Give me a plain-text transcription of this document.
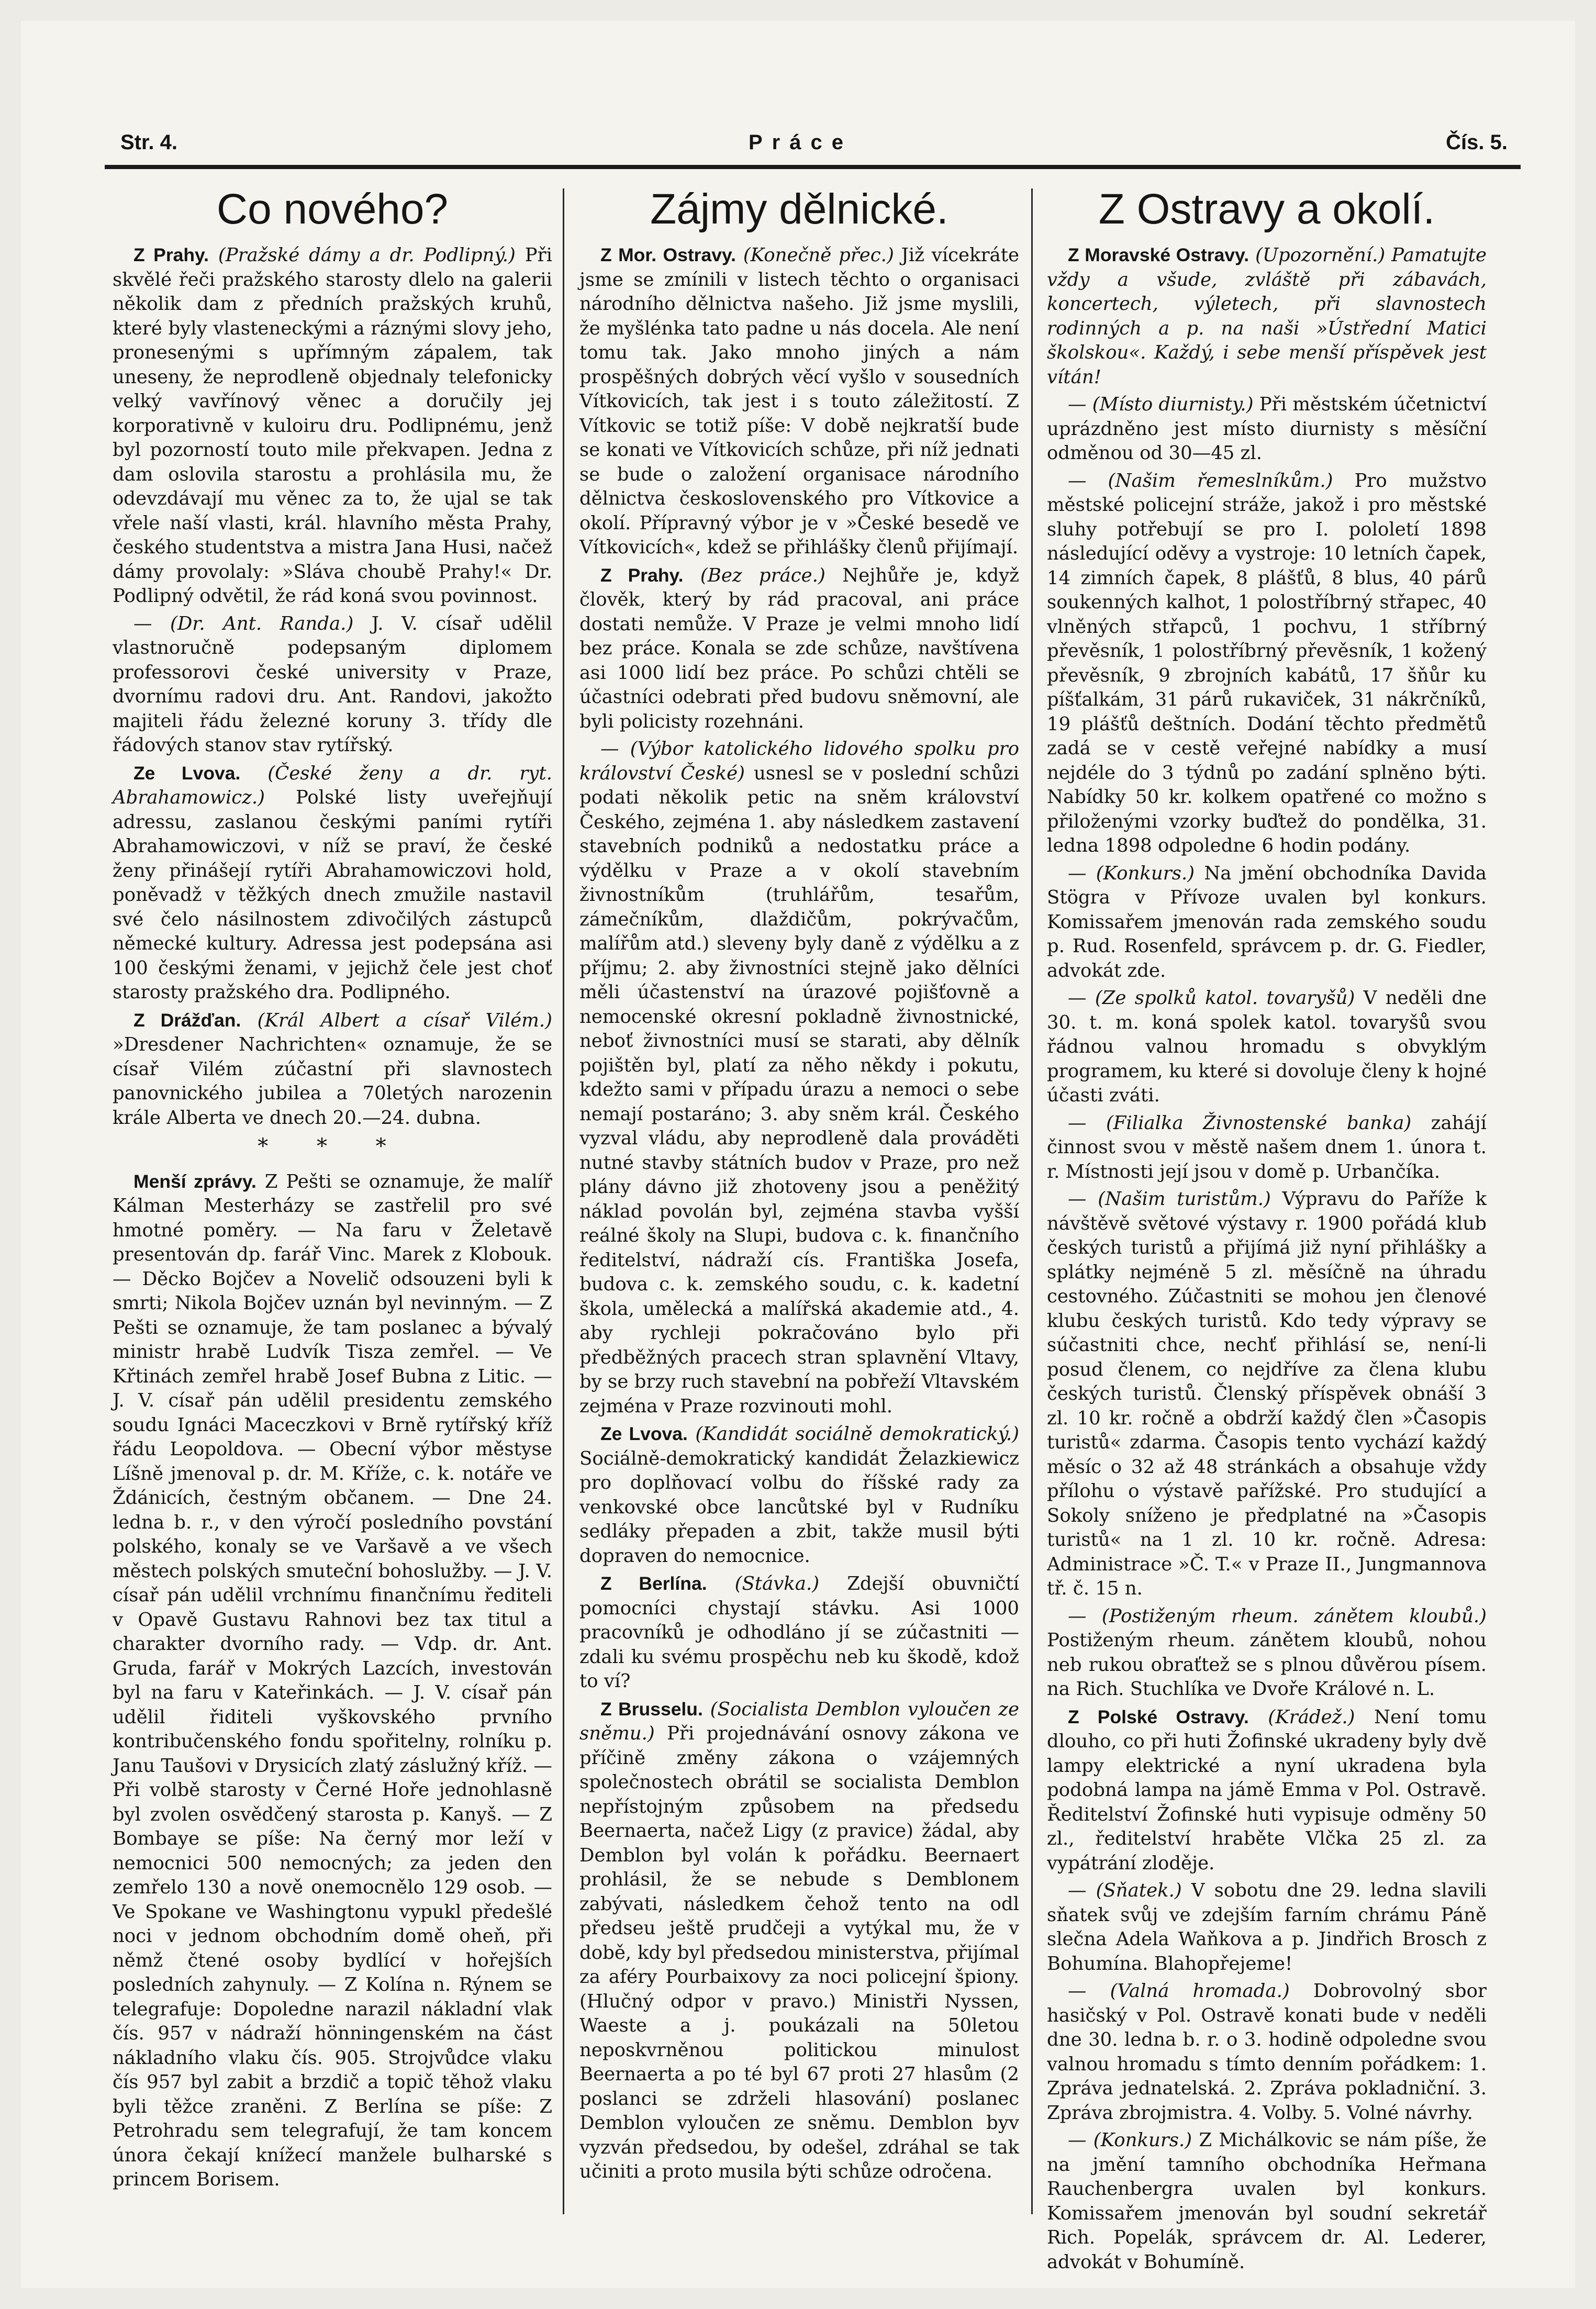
Str. 4.	Práce	Čís. 5.
Co nového?

Z Prahy. (Pražské dámy a dr. Podlipný.) Při skvělé řeči pražského starosty dlelo na galerii několik dam z předních pražských kruhů, které byly vlasteneckými a ráznými slovy jeho, pronesenými s upřímným zápalem, tak uneseny, že neprodleně objednaly telefonicky velký vavřínový věnec a doručily jej korporativně v kuloiru dru. Podlipnému, jenž byl pozorností touto mile překvapen. Jedna z dam oslovila starostu a prohlásila mu, že odevzdávají mu věnec za to, že ujal se tak vřele naší vlasti, král. hlavního města Prahy, českého studentstva a mistra Jana Husi, načež dámy provolaly: »Sláva choubě Prahy!« Dr. Podlipný odvětil, že rád koná svou povinnost.

— (Dr. Ant. Randa.) J. V. císař udělil vlastnoručně podepsaným diplomem professorovi české university v Praze, dvornímu radovi dru. Ant. Randovi, jakožto majiteli řádu železné koruny 3. třídy dle řádových stanov stav rytířský.

Ze Lvova. (České ženy a dr. ryt. Abrahamowicz.) Polské listy uveřejňují adressu, zaslanou českými paními rytíři Abrahamowiczovi, v níž se praví, že české ženy přinášejí rytíři Abrahamowiczovi hold, poněvadž v těžkých dnech zmužile nastavil své čelo násilnostem zdivočilých zástupců německé kultury. Adressa jest podepsána asi 100 českými ženami, v jejichž čele jest choť starosty pražského dra. Podlipného.

Z Drážďan. (Král Albert a císař Vilém.) »Dresdener Nachrichten« oznamuje, že se císař Vilém zúčastní při slavnostech panovnického jubilea a 70letých narozenin krále Alberta ve dnech 20.—24. dubna.

* * *

Menší zprávy. Z Pešti se oznamuje, že malíř Kálman Mesterházy se zastřelil pro své hmotné poměry. — Na faru v Želetavě presentován dp. farář Vinc. Marek z Klobouk. — Děcko Bojčev a Novelič odsouzeni byli k smrti; Nikola Bojčev uznán byl nevinným. — Z Pešti se oznamuje, že tam poslanec a bývalý ministr hrabě Ludvík Tisza zemřel. — Ve Křtinách zemřel hrabě Josef Bubna z Litic. — J. V. císař pán udělil presidentu zemského soudu Ignáci Maceczkovi v Brně rytířský kříž řádu Leopoldova. — Obecní výbor městyse Líšně jmenoval p. dr. M. Kříže, c. k. notáře ve Ždánicích, čestným občanem. — Dne 24. ledna b. r., v den výročí posledního povstání polského, konaly se ve Varšavě a ve všech městech polských smuteční bohoslužby. — J. V. císař pán udělil vrchnímu finančnímu řediteli v Opavě Gustavu Rahnovi bez tax titul a charakter dvorního rady. — Vdp. dr. Ant. Gruda, farář v Mokrých Lazcích, investován byl na faru v Kateřinkách. — J. V. císař pán udělil řiditeli vyškovského prvního kontribučenského fondu spořitelny, rolníku p. Janu Taušovi v Drysicích zlatý záslužný kříž. — Při volbě starosty v Černé Hoře jednohlasně byl zvolen osvědčený starosta p. Kanyš. — Z Bombaye se píše: Na černý mor leží v nemocnici 500 nemocných; za jeden den zemřelo 130 a nově onemocnělo 129 osob. — Ve Spokane ve Washingtonu vypukl předešlé noci v jednom obchodním domě oheň, při němž čtené osoby bydlící v hořejších posledních zahynuly. — Z Kolína n. Rýnem se telegrafuje: Dopoledne narazil nákladní vlak čís. 957 v nádraží hönningenském na část nákladního vlaku čís. 905. Strojvůdce vlaku čís 957 byl zabit a brzdič a topič těhož vlaku byli těžce zraněni. Z Berlína se píše: Z Petrohradu sem telegrafují, že tam koncem února čekají knížecí manžele bulharské s princem Borisem.

Zájmy dělnické.

Z Mor. Ostravy. (Konečně přec.) Již vícekráte jsme se zmínili v listech těchto o organisaci národního dělnictva našeho. Již jsme myslili, že myšlénka tato padne u nás docela. Ale není tomu tak. Jako mnoho jiných a nám prospěšných dobrých věcí vyšlo v sousedních Vítkovicích, tak jest i s touto záležitostí. Z Vítkovic se totiž píše: V době nejkratší bude se konati ve Vítkovicích schůze, při níž jednati se bude o založení organisace národního dělnictva československého pro Vítkovice a okolí. Přípravný výbor je v »České besedě ve Vítkovicích«, kdež se přihlášky členů přijímají.

Z Prahy. (Bez práce.) Nejhůře je, když člověk, který by rád pracoval, ani práce dostati nemůže. V Praze je velmi mnoho lidí bez práce. Konala se zde schůze, navštívena asi 1000 lidí bez práce. Po schůzi chtěli se účastníci odebrati před budovu sněmovní, ale byli policisty rozehnáni.

— (Výbor katolického lidového spolku pro království České) usnesl se v poslední schůzi podati několik petic na sněm království Českého, zejména 1. aby následkem zastavení stavebních podniků a nedostatku práce a výdělku v Praze a v okolí stavebním živnostníkům (truhlářům, tesařům, zámečníkům, dlaždičům, pokrývačům, malířům atd.) sleveny byly daně z výdělku a z příjmu; 2. aby živnostníci stejně jako dělníci měli účastenství na úrazové pojišťovně a nemocenské okresní pokladně živnostnické, neboť živnostníci musí se starati, aby dělník pojištěn byl, platí za něho někdy i pokutu, kdežto sami v případu úrazu a nemoci o sebe nemají postaráno; 3. aby sněm král. Českého vyzval vládu, aby neprodleně dala prováděti nutné stavby státních budov v Praze, pro než plány dávno již zhotoveny jsou a peněžitý náklad povolán byl, zejména stavba vyšší reálné školy na Slupi, budova c. k. finančního ředitelství, nádraží cís. Františka Josefa, budova c. k. zemského soudu, c. k. kadetní škola, umělecká a malířská akademie atd., 4. aby rychleji pokračováno bylo při předběžných pracech stran splavnění Vltavy, by se brzy ruch stavební na pobřeží Vltavském zejména v Praze rozvinouti mohl.

Ze Lvova. (Kandidát sociálně demokratický.) Sociálně-demokratický kandidát Želazkiewicz pro doplňovací volbu do říšské rady za venkovské obce lancůtské byl v Rudníku sedláky přepaden a zbit, takže musil býti dopraven do nemocnice.

Z Berlína. (Stávka.) Zdejší obuvničtí pomocníci chystají stávku. Asi 1000 pracovníků je odhodláno jí se zúčastniti — zdali ku svému prospěchu neb ku škodě, kdož to ví?

Z Brusselu. (Socialista Demblon vyloučen ze sněmu.) Při projednávání osnovy zákona ve příčině změny zákona o vzájemných společnostech obrátil se socialista Demblon nepřístojným způsobem na předsedu Beernaerta, načež Ligy (z pravice) žádal, aby Demblon byl volán k pořádku. Beernaert prohlásil, že se nebude s Demblonem zabývati, následkem čehož tento na odl předseu ještě prudčeji a vytýkal mu, že v době, kdy byl předsedou ministerstva, přijímal za aféry Pourbaixovy za noci policejní špiony. (Hlučný odpor v pravo.) Ministři Nyssen, Waeste a j. poukázali na 50letou neposkvrněnou politickou minulost Beernaerta a po té byl 67 proti 27 hlasům (2 poslanci se zdrželi hlasování) poslanec Demblon vyloučen ze sněmu. Demblon byv vyzván předsedou, by odešel, zdráhal se tak učiniti a proto musila býti schůze odročena.

Z Ostravy a okolí.

Z Moravské Ostravy. (Upozornění.) Pamatujte vždy a všude, zvláště při zábavách, koncertech, výletech, při slavnostech rodinných a p. na naši »Ústřední Matici školskou«. Každý, i sebe menší příspěvek jest vítán!

— (Místo diurnisty.) Při městském účetnictví uprázdněno jest místo diurnisty s měsíční odměnou od 30—45 zl.

— (Našim řemeslníkům.) Pro mužstvo městské policejní stráže, jakož i pro městské sluhy potřebují se pro I. pololetí 1898 následující oděvy a vystroje: 10 letních čapek, 14 zimních čapek, 8 plášťů, 8 blus, 40 párů soukenných kalhot, 1 polostříbrný střapec, 40 vlněných střapců, 1 pochvu, 1 stříbrný převěsník, 1 polostříbrný převěsník, 1 kožený převěsník, 9 zbrojních kabátů, 17 šňůr ku píšťalkám, 31 párů rukaviček, 31 nákrčníků, 19 plášťů deštních. Dodání těchto předmětů zadá se v cestě veřejné nabídky a musí nejdéle do 3 týdnů po zadání splněno býti. Nabídky 50 kr. kolkem opatřené co možno s přiloženými vzorky buďtež do pondělka, 31. ledna 1898 odpoledne 6 hodin podány.

— (Konkurs.) Na jmění obchodníka Davida Stögra v Přívoze uvalen byl konkurs. Komissařem jmenován rada zemského soudu p. Rud. Rosenfeld, správcem p. dr. G. Fiedler, advokát zde.

— (Ze spolků katol. tovaryšů) V neděli dne 30. t. m. koná spolek katol. tovaryšů svou řádnou valnou hromadu s obvyklým programem, ku které si dovoluje členy k hojné účasti zváti.

— (Filialka Živnostenské banka) zahájí činnost svou v městě našem dnem 1. února t. r. Místnosti její jsou v domě p. Urbančíka.

— (Našim turistům.) Výpravu do Paříže k návštěvě světové výstavy r. 1900 pořádá klub českých turistů a přijímá již nyní přihlášky a splátky nejméně 5 zl. měsíčně na úhradu cestovného. Zúčastniti se mohou jen členové klubu českých turistů. Kdo tedy výpravy se súčastniti chce, nechť přihlásí se, není-li posud členem, co nejdříve za člena klubu českých turistů. Členský příspěvek obnáší 3 zl. 10 kr. ročně a obdrží každý člen »Časopis turistů« zdarma. Časopis tento vychází každý měsíc o 32 až 48 stránkách a obsahuje vždy přílohu o výstavě pařížské. Pro studující a Sokoly sníženo je předplatné na »Časopis turistů« na 1 zl. 10 kr. ročně. Adresa: Administrace »Č. T.« v Praze II., Jungmannova tř. č. 15 n.

— (Postiženým rheum. zánětem kloubů.) Postiženým rheum. zánětem kloubů, nohou neb rukou obraťtež se s plnou důvěrou písem. na Rich. Stuchlíka ve Dvoře Králové n. L.

Z Polské Ostravy. (Krádež.) Není tomu dlouho, co při huti Žofinské ukradeny byly dvě lampy elektrické a nyní ukradena byla podobná lampa na jámě Emma v Pol. Ostravě. Ředitelství Žofinské huti vypisuje odměny 50 zl., ředitelství hraběte Vlčka 25 zl. za vypátrání zloděje.

— (Sňatek.) V sobotu dne 29. ledna slavili sňatek svůj ve zdejším farním chrámu Páně slečna Adela Waňkova a p. Jindřich Brosch z Bohumína. Blahopřejeme!

— (Valná hromada.) Dobrovolný sbor hasičský v Pol. Ostravě konati bude v neděli dne 30. ledna b. r. o 3. hodině odpoledne svou valnou hromadu s tímto denním pořádkem: 1. Zpráva jednatelská. 2. Zpráva pokladniční. 3. Zpráva zbrojmistra. 4. Volby. 5. Volné návrhy.

— (Konkurs.) Z Michálkovic se nám píše, že na jmění tamního obchodníka Heřmana Rauchenbergra uvalen byl konkurs. Komissařem jmenován byl soudní sekretář Rich. Popelák, správcem dr. Al. Lederer, advokát v Bohumíně.
